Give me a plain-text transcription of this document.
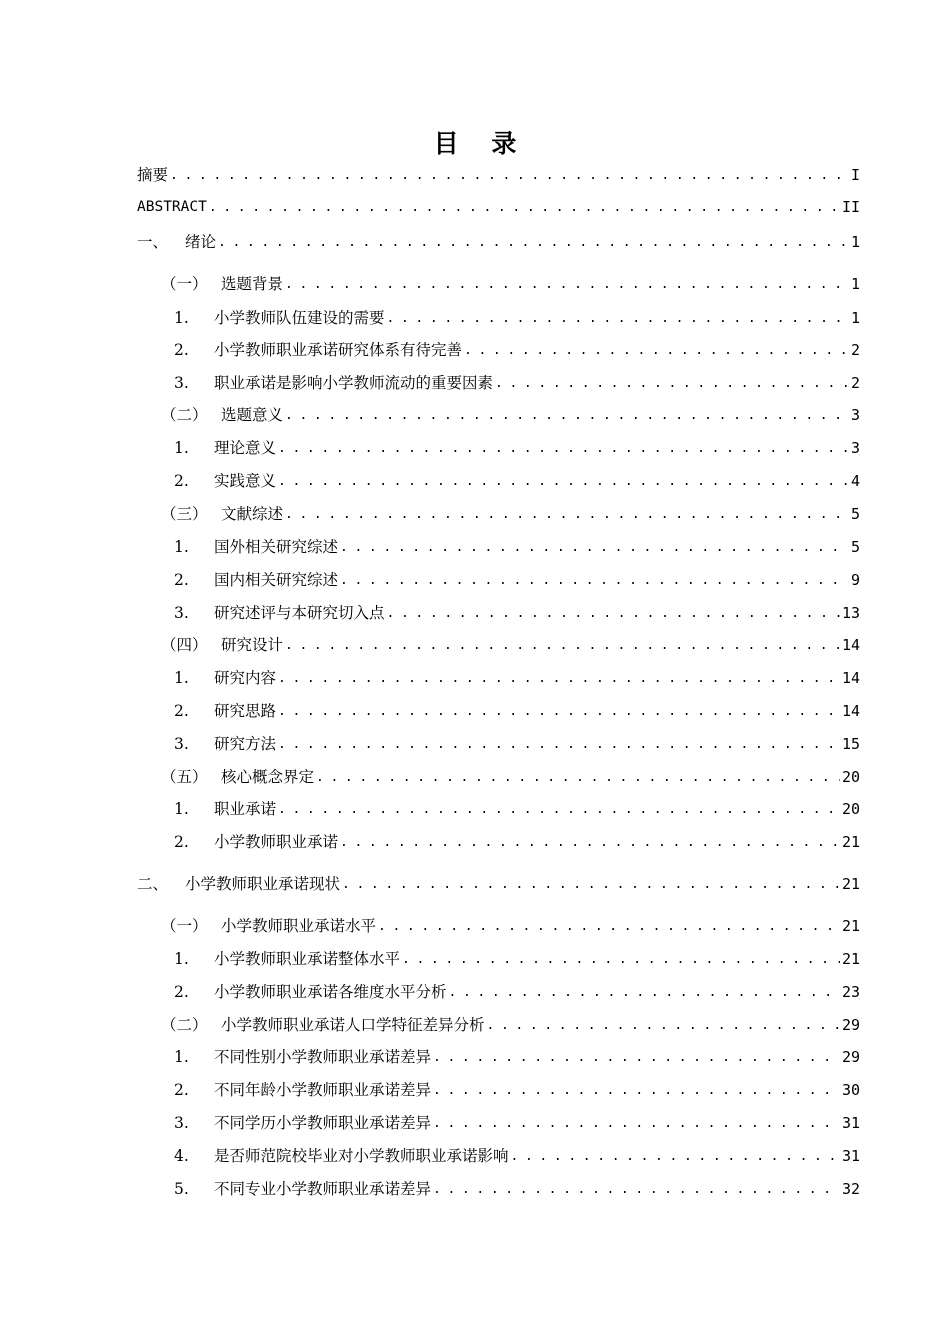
目 录
摘要 . . .	I
ABSTRACT . . .	II
一、	绪论 . . .	1
（一） 选题背景 . . .	1
1.	小学教师队伍建设的需要 . . .	1
2.	小学教师职业承诺研究体系有待完善 . . .	2
3.	职业承诺是影响小学教师流动的重要因素 . . .	2
（二） 选题意义 . . .	3
1.	理论意义 . . .	3
2.	实践意义 . . .	4
（三） 文献综述 . . .	5
1.	国外相关研究综述 . . .	5
2.	国内相关研究综述 . . .	9
3.	研究述评与本研究切入点 . . .	13
（四） 研究设计 . . .	14
1.	研究内容 . . .	14
2.	研究思路 . . .	14
3.	研究方法 . . .	15
（五） 核心概念界定 . . .	20
1.	职业承诺 . . .	20
2.	小学教师职业承诺 . . .	21
二、	小学教师职业承诺现状 . . .	21
（一） 小学教师职业承诺水平 . . .	21
1.	小学教师职业承诺整体水平 . . .	21
2.	小学教师职业承诺各维度水平分析 . . .	23
（二） 小学教师职业承诺人口学特征差异分析 . . .	29
1.	不同性别小学教师职业承诺差异 . . .	29
2.	不同年龄小学教师职业承诺差异 . . .	30
3.	不同学历小学教师职业承诺差异 . . .	31
4.	是否师范院校毕业对小学教师职业承诺影响 . . .	31
5.	不同专业小学教师职业承诺差异 . . .	32
